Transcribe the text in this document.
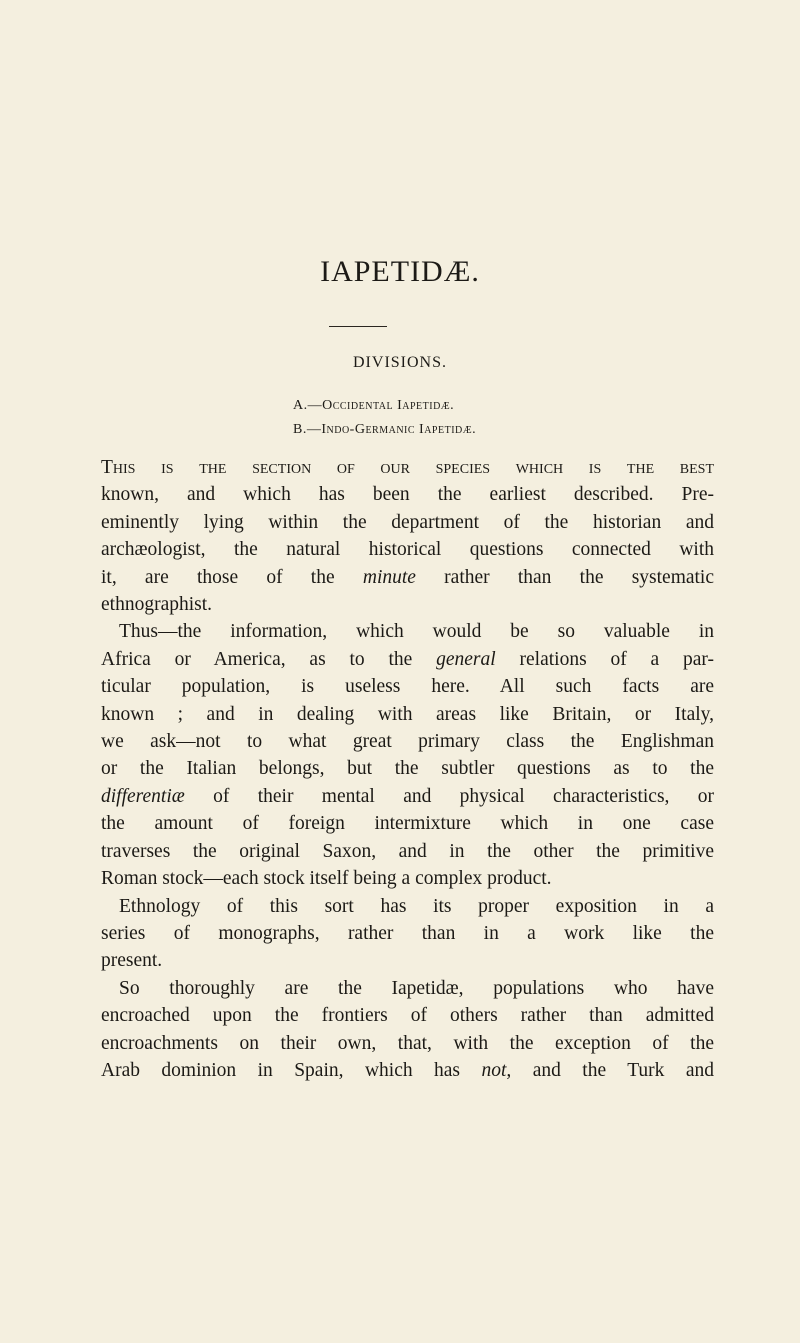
IAPETIDÆ.
DIVISIONS.
A.—Occidental Iapetidæ.
B.—Indo-Germanic Iapetidæ.

This is the section of our species which is the best
known, and which has been the earliest described. Pre-
eminently lying within the department of the historian and
archæologist, the natural historical questions connected with
it, are those of the minute rather than the systematic
ethnographist.

Thus—the information, which would be so valuable in
Africa or America, as to the general relations of a par-
ticular population, is useless here. All such facts are
known ; and in dealing with areas like Britain, or Italy,
we ask—not to what great primary class the Englishman
or the Italian belongs, but the subtler questions as to the
differentiæ of their mental and physical characteristics, or
the amount of foreign intermixture which in one case
traverses the original Saxon, and in the other the primitive
Roman stock—each stock itself being a complex product.

Ethnology of this sort has its proper exposition in a
series of monographs, rather than in a work like the
present.

So thoroughly are the Iapetidæ, populations who have
encroached upon the frontiers of others rather than admitted
encroachments on their own, that, with the exception of the
Arab dominion in Spain, which has not, and the Turk and
